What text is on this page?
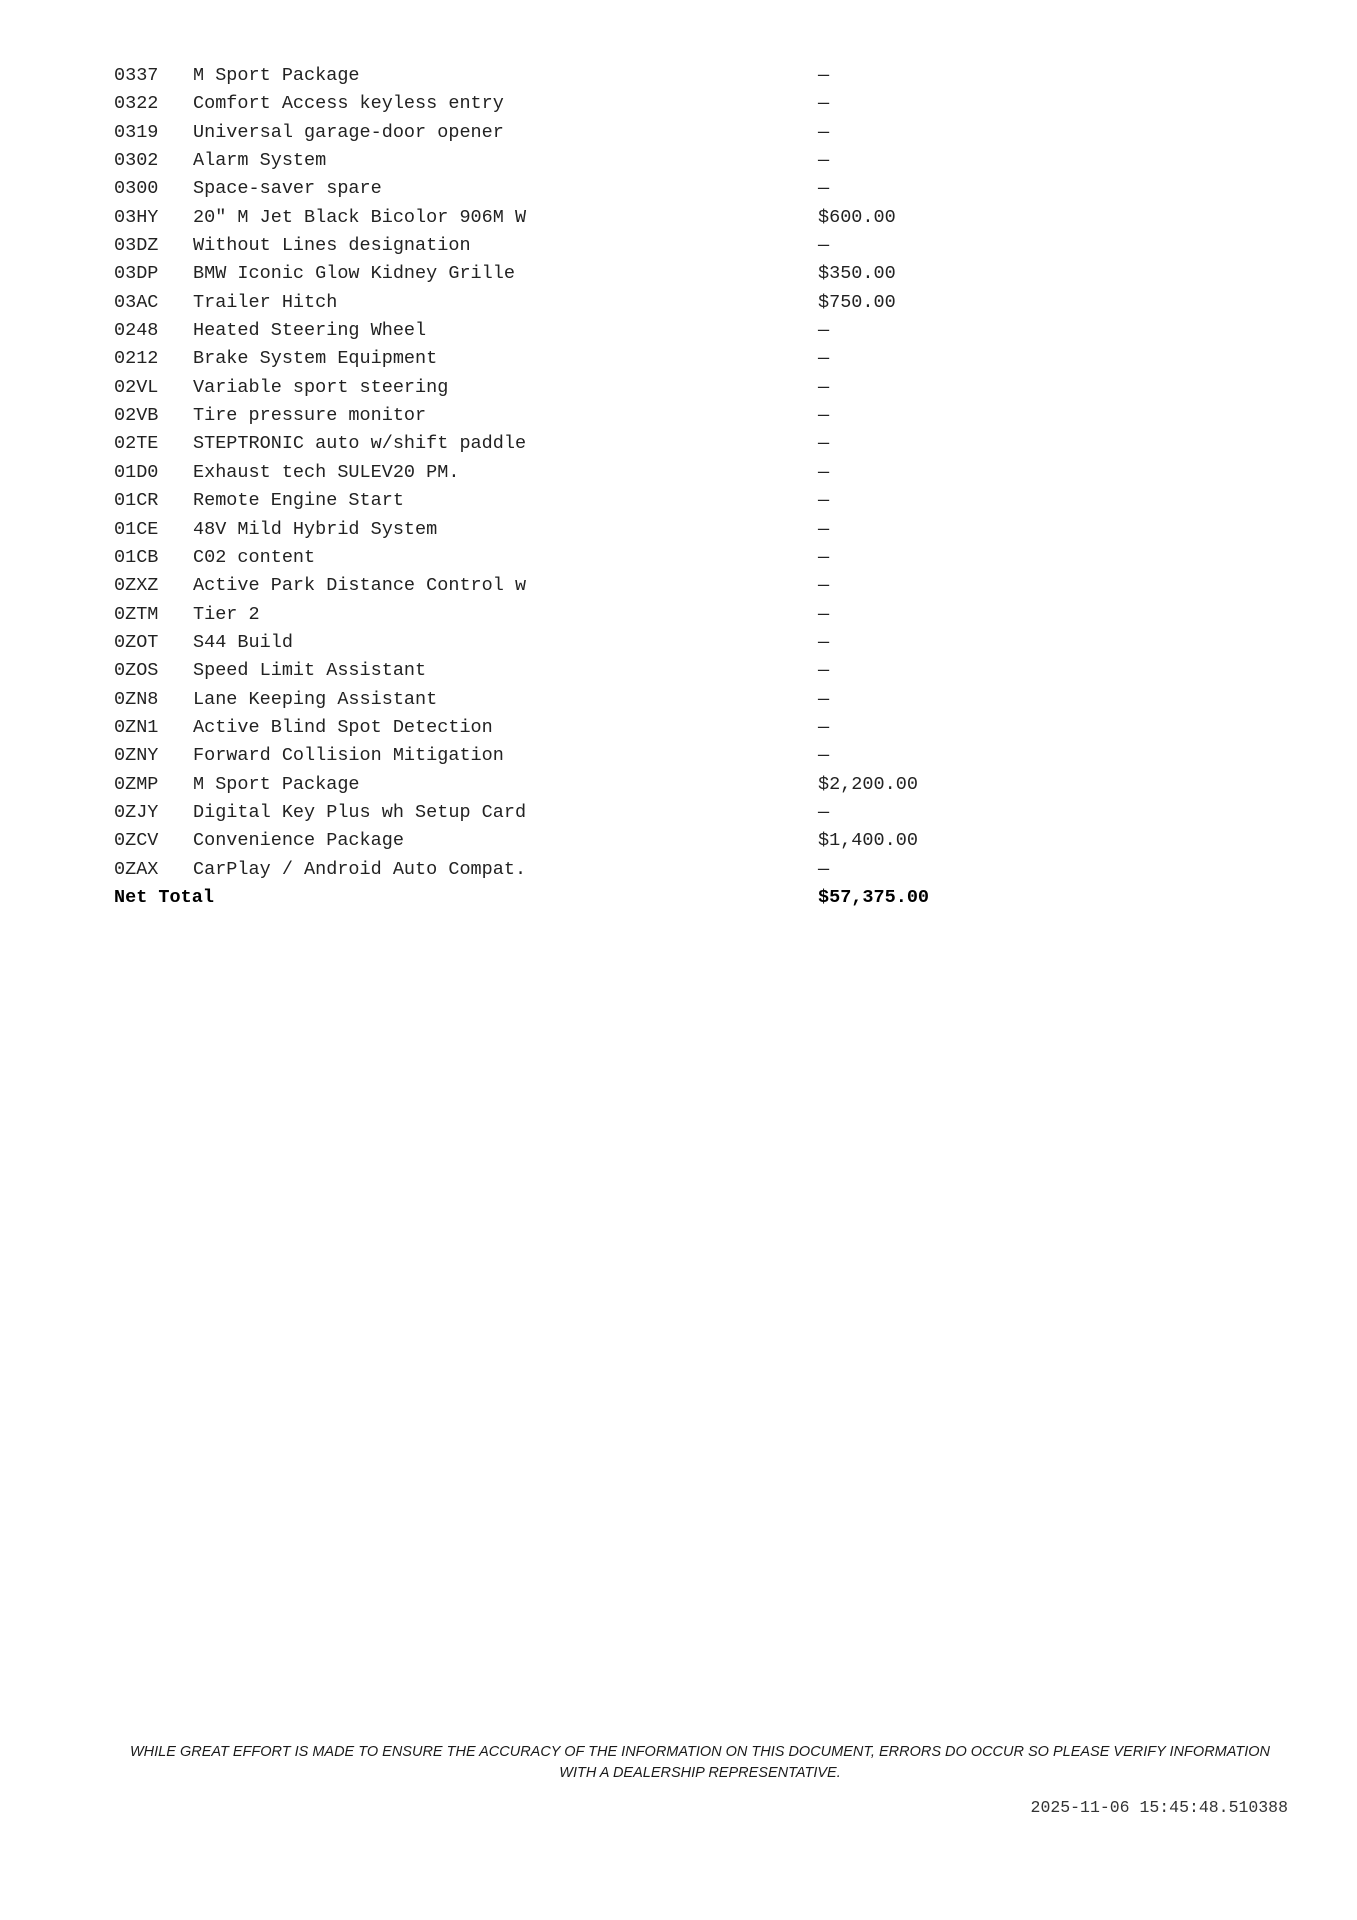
0337	M Sport Package	—
0322	Comfort Access keyless entry	—
0319	Universal garage-door opener	—
0302	Alarm System	—
0300	Space-saver spare	—
03HY	20" M Jet Black Bicolor 906M W	$600.00
03DZ	Without Lines designation	—
03DP	BMW Iconic Glow Kidney Grille	$350.00
03AC	Trailer Hitch	$750.00
0248	Heated Steering Wheel	—
0212	Brake System Equipment	—
02VL	Variable sport steering	—
02VB	Tire pressure monitor	—
02TE	STEPTRONIC auto w/shift paddle	—
01D0	Exhaust tech SULEV20 PM.	—
01CR	Remote Engine Start	—
01CE	48V Mild Hybrid System	—
01CB	C02 content	—
0ZXZ	Active Park Distance Control w	—
0ZTM	Tier 2	—
0ZOT	S44 Build	—
0ZOS	Speed Limit Assistant	—
0ZN8	Lane Keeping Assistant	—
0ZN1	Active Blind Spot Detection	—
0ZNY	Forward Collision Mitigation	—
0ZMP	M Sport Package	$2,200.00
0ZJY	Digital Key Plus wh Setup Card	—
0ZCV	Convenience Package	$1,400.00
0ZAX	CarPlay / Android Auto Compat.	—
Net Total		$57,375.00
WHILE GREAT EFFORT IS MADE TO ENSURE THE ACCURACY OF THE INFORMATION ON THIS DOCUMENT, ERRORS DO OCCUR SO PLEASE VERIFY INFORMATION WITH A DEALERSHIP REPRESENTATIVE.
2025-11-06 15:45:48.510388
